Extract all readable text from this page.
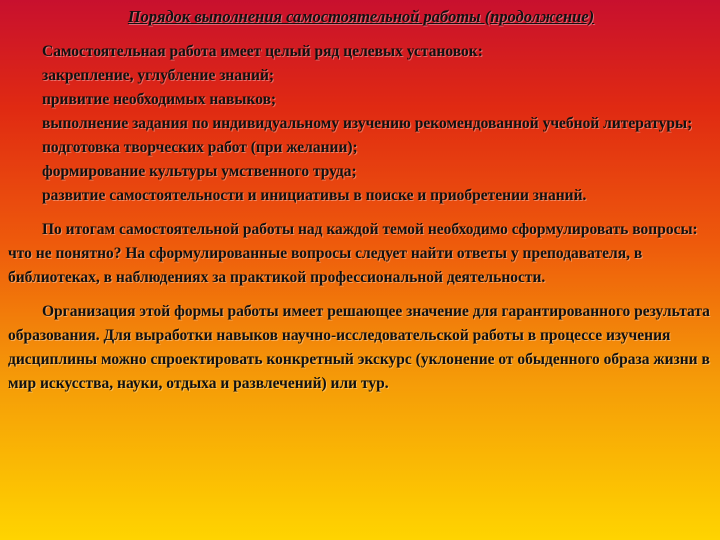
Порядок выполнения самостоятельной работы (продолжение)

Самостоятельная работа имеет целый ряд целевых установок:

закрепление, углубление знаний;

привитие необходимых навыков;

выполнение задания по индивидуальному изучению рекомендованной учебной литературы;

подготовка творческих работ (при желании);

формирование культуры умственного труда;

развитие самостоятельности и инициативы в поиске и приобретении знаний.

По итогам самостоятельной работы над каждой темой необходимо сформулировать вопросы: что не понятно? На сформулированные вопросы следует найти ответы у преподавателя, в библиотеках, в наблюдениях за практикой профессиональной деятельности.

Организация этой формы работы имеет решающее значение для гарантированного результата образования. Для выработки навыков научно-исследовательской работы в процессе изучения дисциплины можно спроектировать конкретный экскурс (уклонение от обыденного образа жизни в мир искусства, науки, отдыха и развлечений) или тур.
